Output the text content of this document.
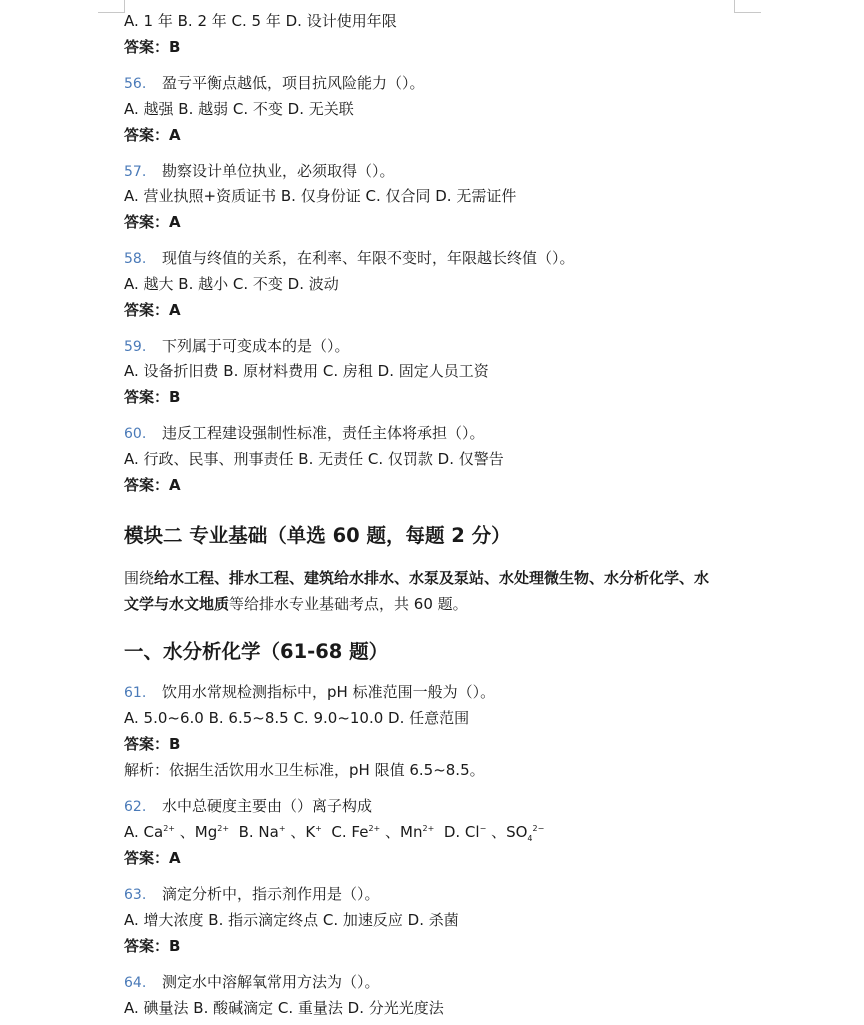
A. 1 年 B. 2 年 C. 5 年 D. 设计使用年限
答案：B
56. 盈亏平衡点越低，项目抗风险能力（）。
A. 越强 B. 越弱 C. 不变 D. 无关联
答案：A
57. 勘察设计单位执业，必须取得（）。
A. 营业执照+资质证书 B. 仅身份证 C. 仅合同 D. 无需证件
答案：A
58. 现值与终值的关系，在利率、年限不变时，年限越长终值（）。
A. 越大 B. 越小 C. 不变 D. 波动
答案：A
59. 下列属于可变成本的是（）。
A. 设备折旧费 B. 原材料费用 C. 房租 D. 固定人员工资
答案：B
60. 违反工程建设强制性标准，责任主体将承担（）。
A. 行政、民事、刑事责任 B. 无责任 C. 仅罚款 D. 仅警告
答案：A
模块二 专业基础（单选 60 题，每题 2 分）
围绕给水工程、排水工程、建筑给水排水、水泵及泵站、水处理微生物、水分析化学、水文学与水文地质等给排水专业基础考点，共 60 题。
一、水分析化学（61-68 题）
61. 饮用水常规检测指标中，pH 标准范围一般为（）。
A. 5.0~6.0 B. 6.5~8.5 C. 9.0~10.0 D. 任意范围
答案：B
解析：依据生活饮用水卫生标准，pH 限值 6.5~8.5。
62. 水中总硬度主要由（）离子构成
A. $Ca^{2+}$ 、$Mg^{2+}$ B. Na+ 、K+ C. $Fe^{2+}$ 、$Mn^{2+}$ D. Cl− 、$SO_4^{2-}$
答案：A
63. 滴定分析中，指示剂作用是（）。
A. 增大浓度 B. 指示滴定终点 C. 加速反应 D. 杀菌
答案：B
64. 测定水中溶解氧常用方法为（）。
A. 碘量法 B. 酸碱滴定 C. 重量法 D. 分光光度法
